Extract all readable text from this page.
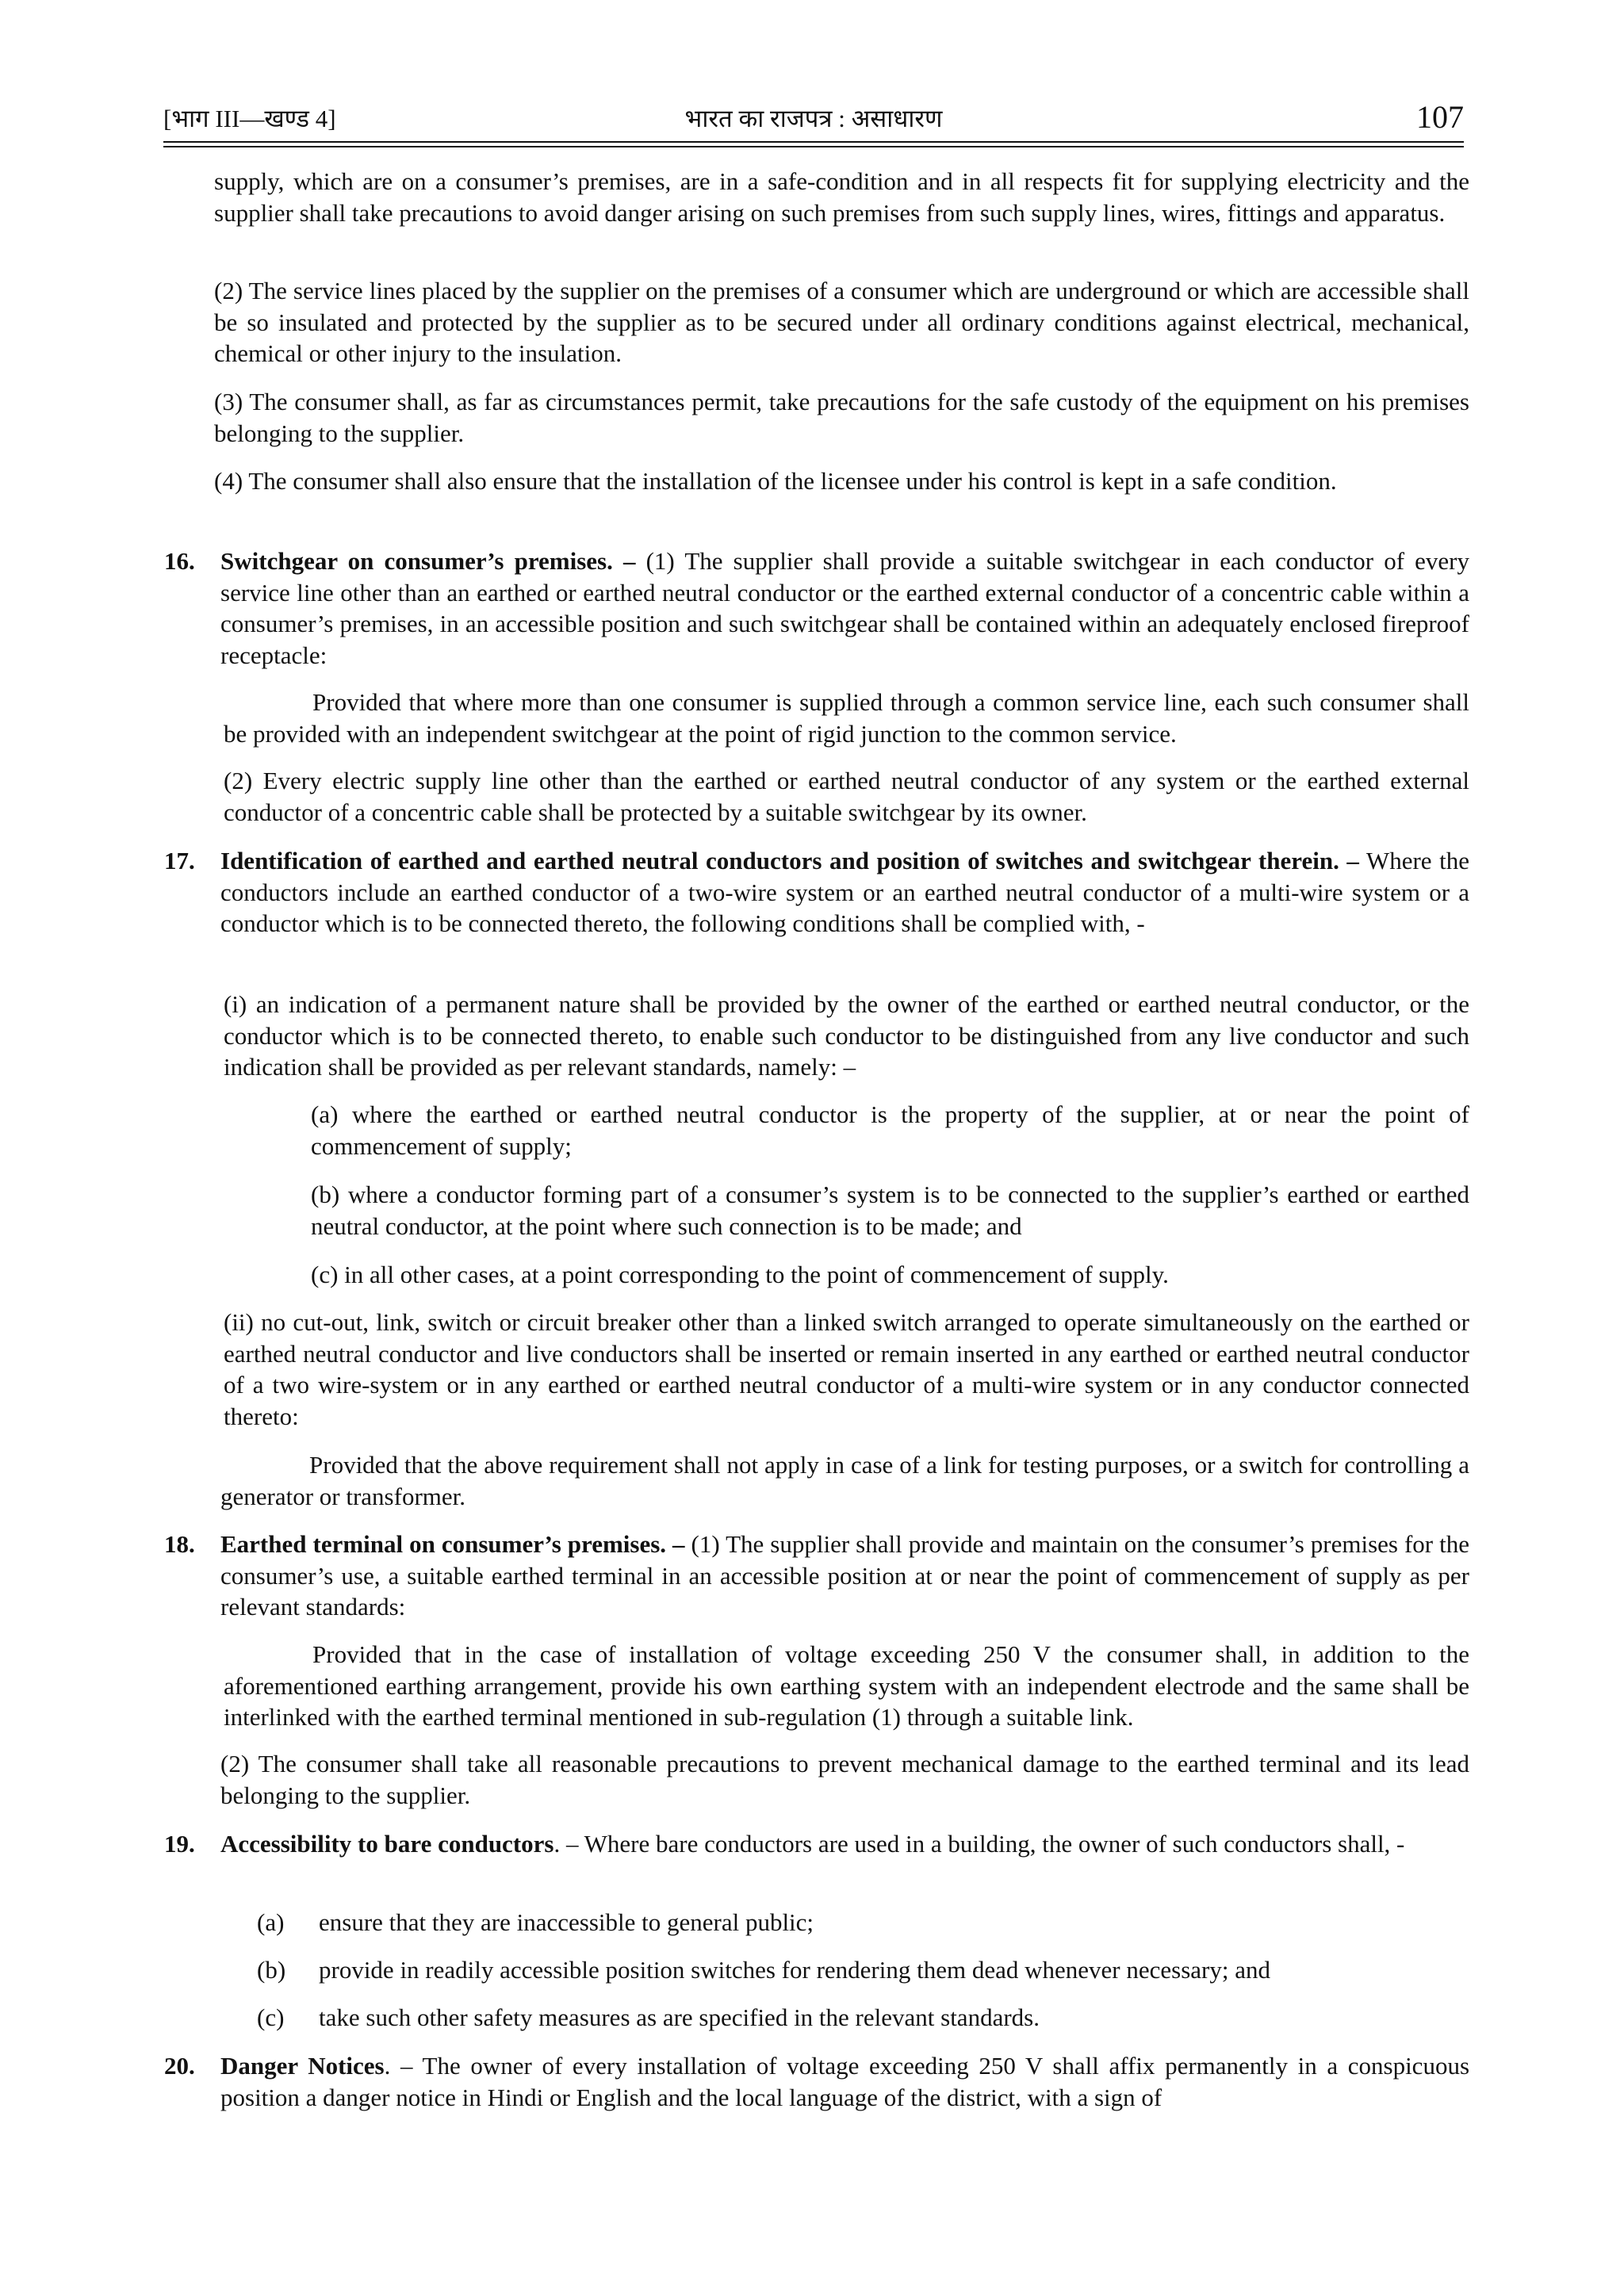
[भाग III—खण्ड 4]	भारत का राजपत्र : असाधारण	107

supply, which are on a consumer’s premises, are in a safe-condition and in all respects fit for supplying electricity and the supplier shall take precautions to avoid danger arising on such premises from such supply lines, wires, fittings and apparatus.

(2) The service lines placed by the supplier on the premises of a consumer which are underground or which are accessible shall be so insulated and protected by the supplier as to be secured under all ordinary conditions against electrical, mechanical, chemical or other injury to the insulation.

(3) The consumer shall, as far as circumstances permit, take precautions for the safe custody of the equipment on his premises belonging to the supplier.

(4) The consumer shall also ensure that the installation of the licensee under his control is kept in a safe condition.

16. Switchgear on consumer’s premises. – (1) The supplier shall provide a suitable switchgear in each conductor of every service line other than an earthed or earthed neutral conductor or the earthed external conductor of a concentric cable within a consumer’s premises, in an accessible position and such switchgear shall be contained within an adequately enclosed fireproof receptacle:

Provided that where more than one consumer is supplied through a common service line, each such consumer shall be provided with an independent switchgear at the point of rigid junction to the common service.

(2) Every electric supply line other than the earthed or earthed neutral conductor of any system or the earthed external conductor of a concentric cable shall be protected by a suitable switchgear by its owner.

17. Identification of earthed and earthed neutral conductors and position of switches and switchgear therein. – Where the conductors include an earthed conductor of a two-wire system or an earthed neutral conductor of a multi-wire system or a conductor which is to be connected thereto, the following conditions shall be complied with, -

(i) an indication of a permanent nature shall be provided by the owner of the earthed or earthed neutral conductor, or the conductor which is to be connected thereto, to enable such conductor to be distinguished from any live conductor and such indication shall be provided as per relevant standards, namely: –

(a) where the earthed or earthed neutral conductor is the property of the supplier, at or near the point of commencement of supply;

(b) where a conductor forming part of a consumer’s system is to be connected to the supplier’s earthed or earthed neutral conductor, at the point where such connection is to be made; and

(c) in all other cases, at a point corresponding to the point of commencement of supply.

(ii) no cut-out, link, switch or circuit breaker other than a linked switch arranged to operate simultaneously on the earthed or earthed neutral conductor and live conductors shall be inserted or remain inserted in any earthed or earthed neutral conductor of a two wire-system or in any earthed or earthed neutral conductor of a multi-wire system or in any conductor connected thereto:

Provided that the above requirement shall not apply in case of a link for testing purposes, or a switch for controlling a generator or transformer.

18. Earthed terminal on consumer’s premises. – (1) The supplier shall provide and maintain on the consumer’s premises for the consumer’s use, a suitable earthed terminal in an accessible position at or near the point of commencement of supply as per relevant standards:

Provided that in the case of installation of voltage exceeding 250 V the consumer shall, in addition to the aforementioned earthing arrangement, provide his own earthing system with an independent electrode and the same shall be interlinked with the earthed terminal mentioned in sub-regulation (1) through a suitable link.

(2) The consumer shall take all reasonable precautions to prevent mechanical damage to the earthed terminal and its lead belonging to the supplier.

19. Accessibility to bare conductors. – Where bare conductors are used in a building, the owner of such conductors shall, -

(a) ensure that they are inaccessible to general public;
(b) provide in readily accessible position switches for rendering them dead whenever necessary; and
(c) take such other safety measures as are specified in the relevant standards.
20. Danger Notices. – The owner of every installation of voltage exceeding 250 V shall affix permanently in a conspicuous position a danger notice in Hindi or English and the local language of the district, with a sign of
